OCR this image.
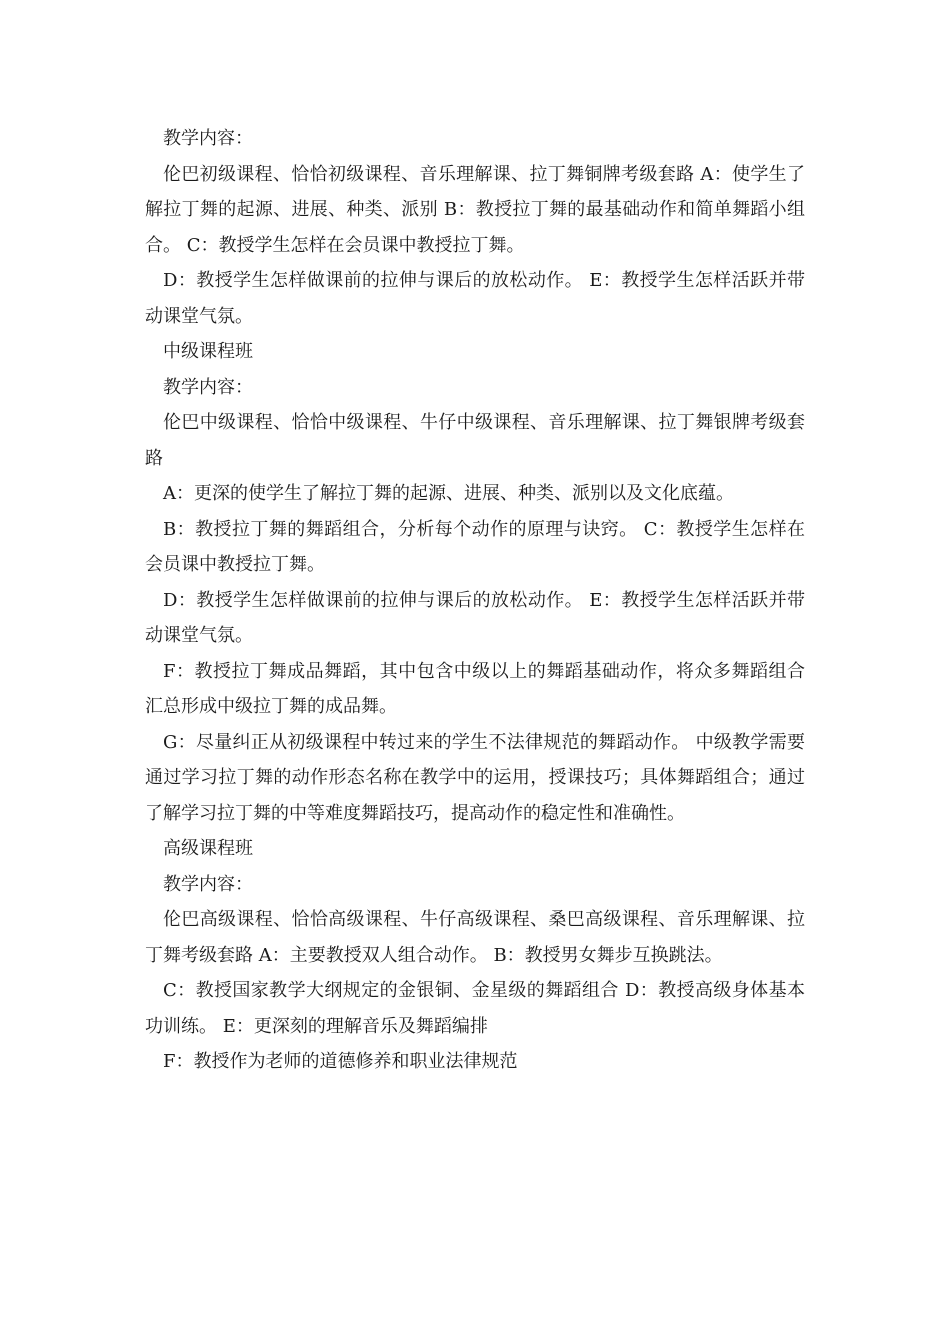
教学内容：

伦巴初级课程、恰恰初级课程、音乐理解课、拉丁舞铜牌考级套路 A：使学生了解拉丁舞的起源、进展、种类、派别 B：教授拉丁舞的最基础动作和简单舞蹈小组合。 C：教授学生怎样在会员课中教授拉丁舞。

D：教授学生怎样做课前的拉伸与课后的放松动作。 E：教授学生怎样活跃并带动课堂气氛。

中级课程班

教学内容：

伦巴中级课程、恰恰中级课程、牛仔中级课程、音乐理解课、拉丁舞银牌考级套路

A：更深的使学生了解拉丁舞的起源、进展、种类、派别以及文化底蕴。

B：教授拉丁舞的舞蹈组合，分析每个动作的原理与诀窍。 C：教授学生怎样在会员课中教授拉丁舞。

D：教授学生怎样做课前的拉伸与课后的放松动作。 E：教授学生怎样活跃并带动课堂气氛。

F：教授拉丁舞成品舞蹈，其中包含中级以上的舞蹈基础动作，将众多舞蹈组合汇总形成中级拉丁舞的成品舞。

G：尽量纠正从初级课程中转过来的学生不法律规范的舞蹈动作。 中级教学需要通过学习拉丁舞的动作形态名称在教学中的运用，授课技巧；具体舞蹈组合；通过了解学习拉丁舞的中等难度舞蹈技巧，提高动作的稳定性和准确性。

高级课程班

教学内容：

伦巴高级课程、恰恰高级课程、牛仔高级课程、桑巴高级课程、音乐理解课、拉丁舞考级套路 A：主要教授双人组合动作。 B：教授男女舞步互换跳法。

C：教授国家教学大纲规定的金银铜、金星级的舞蹈组合 D：教授高级身体基本功训练。 E：更深刻的理解音乐及舞蹈编排

F：教授作为老师的道德修养和职业法律规范
